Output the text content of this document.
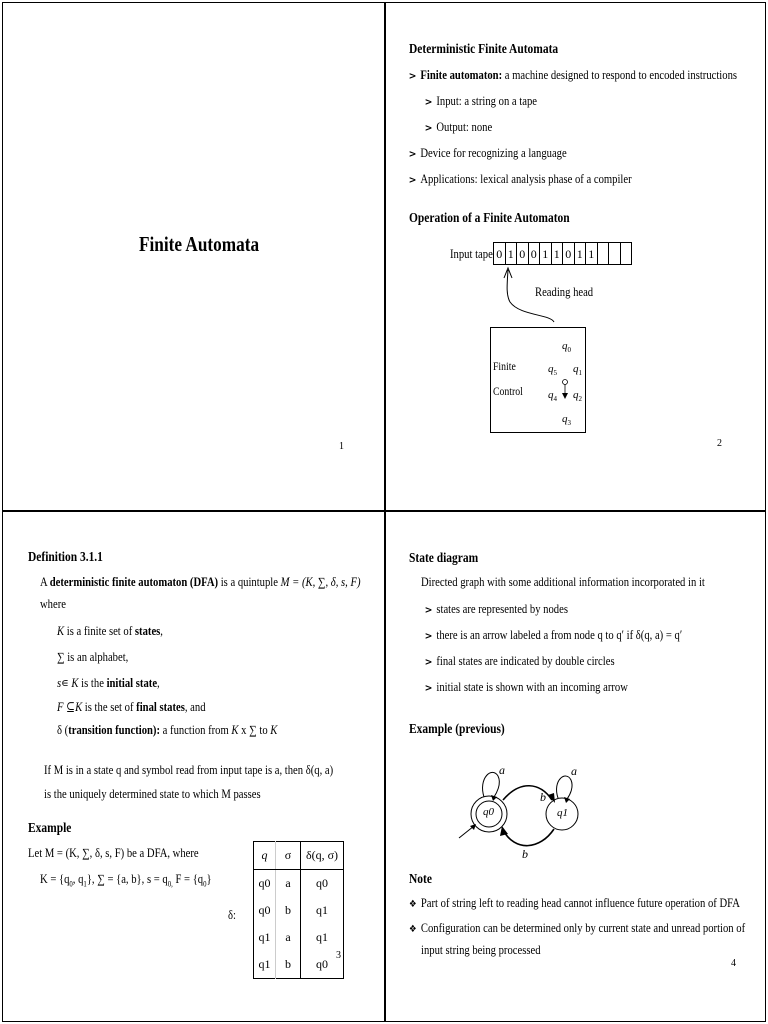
Finite Automata
1
Deterministic Finite Automata
> Finite automaton: a machine designed to respond to encoded instructions
> Input: a string on a tape
> Output: none
> Device for recognizing a language
> Applications: lexical analysis phase of a compiler
Operation of a Finite Automaton
Input tape 0 1 0 0 1 1 0 1 1
Reading head
Finite
Control
$q_0$
$q_5$ $q_1$
$q_4$ $q_2$
$q_3$
2
Definition 3.1.1
A deterministic finite automaton (DFA) is a quintuple M = (K, ∑, δ, s, F)
where
K is a finite set of states,
∑ is an alphabet,
s∊ K is the initial state,
F ⊆K is the set of final states, and
δ (transition function): a function from K x ∑ to K
If M is in a state q and symbol read from input tape is a, then δ(q, a)
is the uniquely determined state to which M passes
Example
Let M = (K, ∑, δ, s, F) be a DFA, where
$K = \{q_0$, $q_1$}, ∑ = {a, b}, $s = q_{0,}$ $F = \{q_0\}$
δ:
q	σ	δ(q, σ)
q0	a	q0
q0	b	q1
q1	a	q1
q1	b	q0
3
State diagram
Directed graph with some additional information incorporated in it
> states are represented by nodes
> there is an arrow labeled a from node q to q′ if δ(q, a) = q′
> final states are indicated by double circles
> initial state is shown with an incoming arrow
Example (previous)
a	a
b
b
q0	q1
Note
❖ Part of string left to reading head cannot influence future operation of DFA
❖ Configuration can be determined only by current state and unread portion of
input string being processed
4
